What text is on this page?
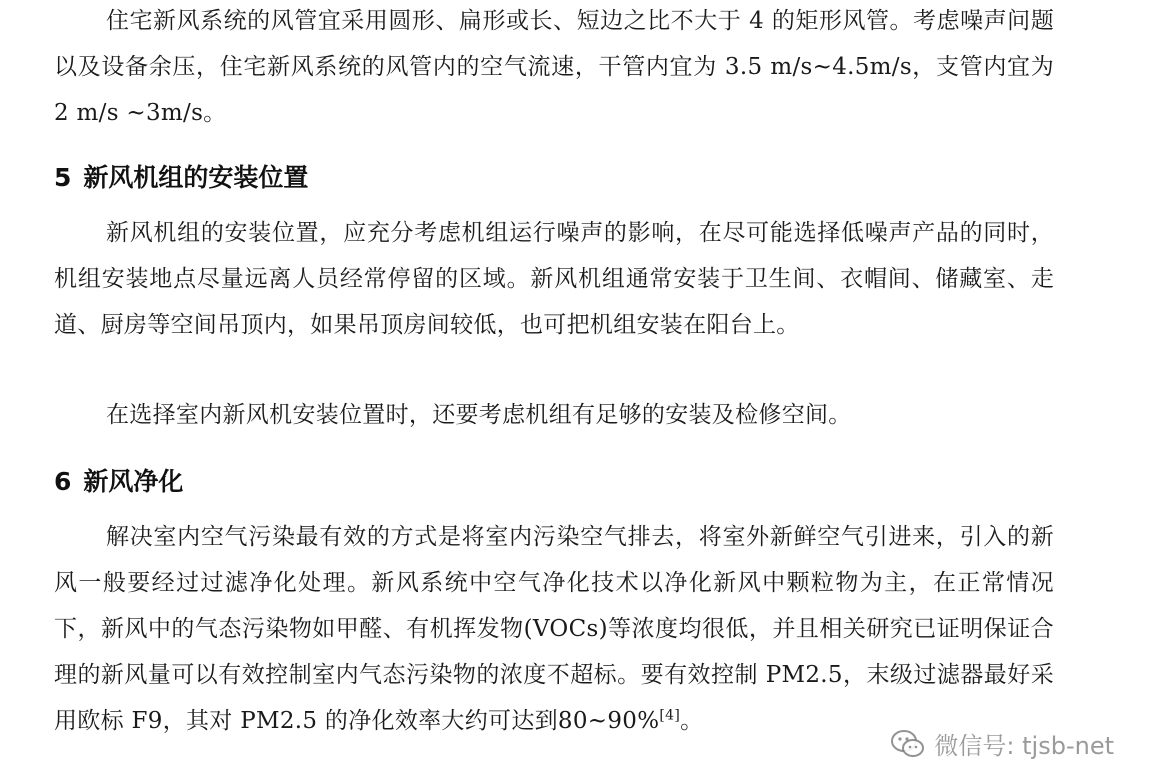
住宅新风系统的风管宜采用圆形、扁形或长、短边之比不大于 4 的矩形风管。考虑噪声问题以及设备余压，住宅新风系统的风管内的空气流速，干管内宜为 3.5 m/s~4.5m/s，支管内宜为 2 m/s ~3m/s。

5 新风机组的安装位置

新风机组的安装位置，应充分考虑机组运行噪声的影响，在尽可能选择低噪声产品的同时，机组安装地点尽量远离人员经常停留的区域。新风机组通常安装于卫生间、衣帽间、储藏室、走道、厨房等空间吊顶内，如果吊顶房间较低，也可把机组安装在阳台上。

在选择室内新风机安装位置时，还要考虑机组有足够的安装及检修空间。

6 新风净化

解决室内空气污染最有效的方式是将室内污染空气排去，将室外新鲜空气引进来，引入的新风一般要经过过滤净化处理。新风系统中空气净化技术以净化新风中颗粒物为主，在正常情况下，新风中的气态污染物如甲醛、有机挥发物(VOCs)等浓度均很低，并且相关研究已证明保证合理的新风量可以有效控制室内气态污染物的浓度不超标。要有效控制 PM2.5，末级过滤器最好采用欧标 F9，其对 PM2.5 的净化效率大约可达到80~90%[4]。

微信号: tjsb-net
